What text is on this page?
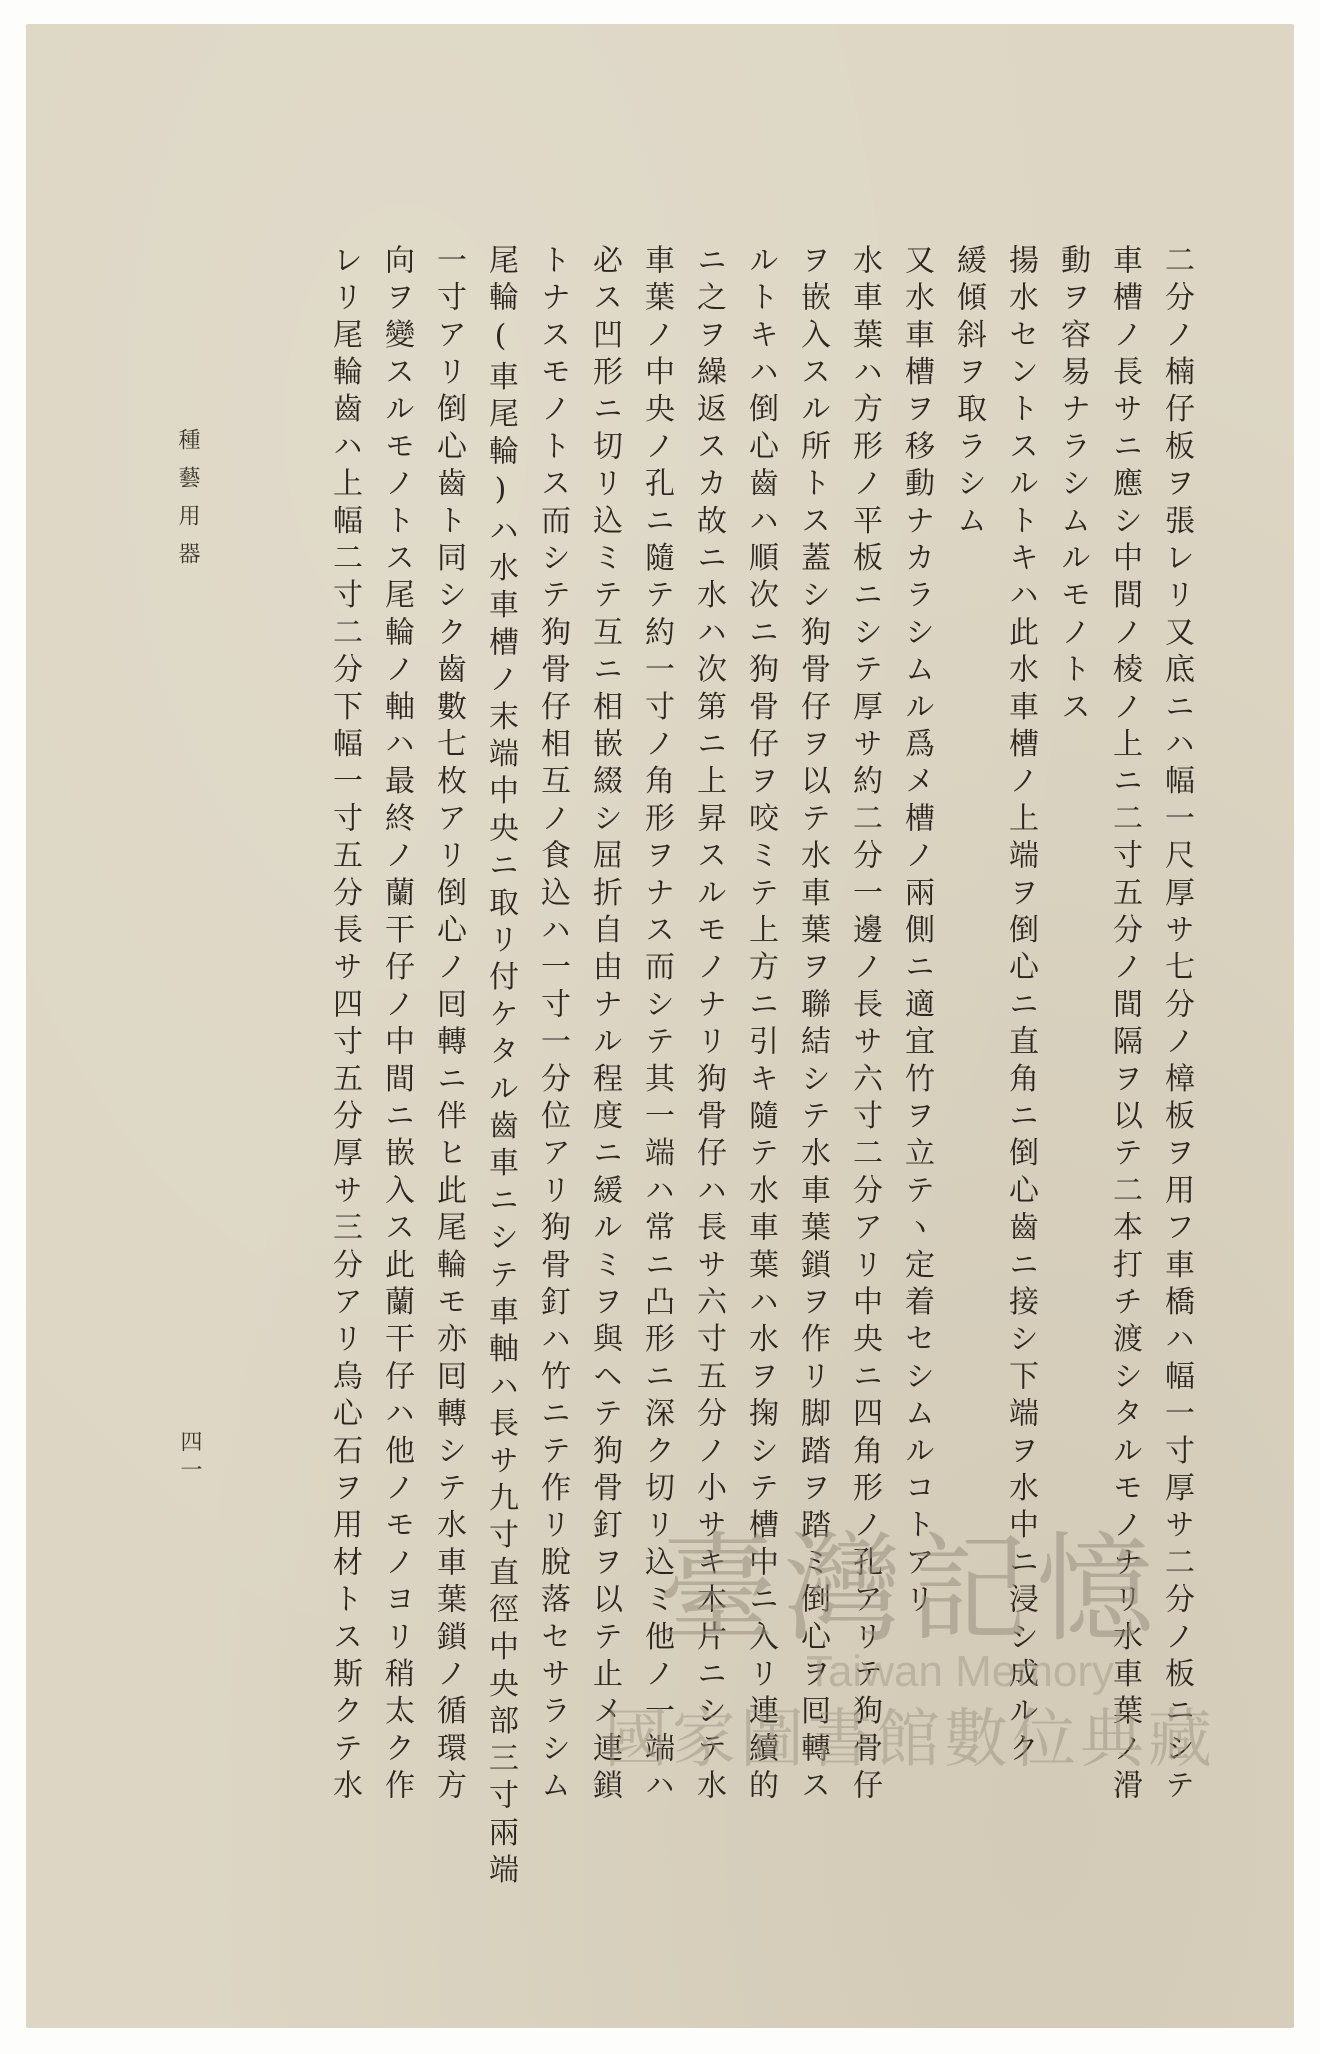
二分ノ楠仔板ヲ張レリ又底ニハ幅一尺厚サ七分ノ樟板ヲ用フ車橋ハ幅一寸厚サ二分ノ板ニシテ
車槽ノ長サニ應シ中間ノ棱ノ上ニ二寸五分ノ間隔ヲ以テ二本打チ渡シタルモノナリ水車葉ノ滑
動ヲ容易ナラシムルモノトス
揚水セントスルトキハ此水車槽ノ上端ヲ倒心ニ直角ニ倒心齒ニ接シ下端ヲ水中ニ浸シ成ルク
緩傾斜ヲ取ラシム
又水車槽ヲ移動ナカラシムル爲メ槽ノ兩側ニ適宜竹ヲ立テヽ定着セシムルコトアリ
水車葉ハ方形ノ平板ニシテ厚サ約二分一邊ノ長サ六寸二分アリ中央ニ四角形ノ孔アリテ狗骨仔
ヲ嵌入スル所トス蓋シ狗骨仔ヲ以テ水車葉ヲ聯結シテ水車葉鎖ヲ作リ脚踏ヲ踏ミ倒心ヲ囘轉ス
ルトキハ倒心齒ハ順次ニ狗骨仔ヲ咬ミテ上方ニ引キ隨テ水車葉ハ水ヲ掬シテ槽中ニ入リ連續的
ニ之ヲ繰返スカ故ニ水ハ次第ニ上昇スルモノナリ狗骨仔ハ長サ六寸五分ノ小サキ木片ニシテ水
車葉ノ中央ノ孔ニ隨テ約一寸ノ角形ヲナス而シテ其一端ハ常ニ凸形ニ深ク切リ込ミ他ノ一端ハ
必ス凹形ニ切リ込ミテ互ニ相嵌綴シ屈折自由ナル程度ニ緩ルミヲ與ヘテ狗骨釘ヲ以テ止メ連鎖
トナスモノトス而シテ狗骨仔相互ノ食込ハ一寸一分位アリ狗骨釘ハ竹ニテ作リ脫落セサラシム
尾輪(車尾輪)ハ水車槽ノ末端中央ニ取リ付ケタル齒車ニシテ車軸ハ長サ九寸直徑中央部三寸兩端
一寸アリ倒心齒ト同シク齒數七枚アリ倒心ノ囘轉ニ伴ヒ此尾輪モ亦囘轉シテ水車葉鎖ノ循環方
向ヲ變スルモノトス尾輪ノ軸ハ最終ノ蘭干仔ノ中間ニ嵌入ス此蘭干仔ハ他ノモノヨリ稍太ク作
レリ尾輪齒ハ上幅二寸二分下幅一寸五分長サ四寸五分厚サ三分アリ烏心石ヲ用材トス斯クテ水
種藝用器
四一
臺灣記憶
Taiwan Memory
國家圖書館數位典藏
